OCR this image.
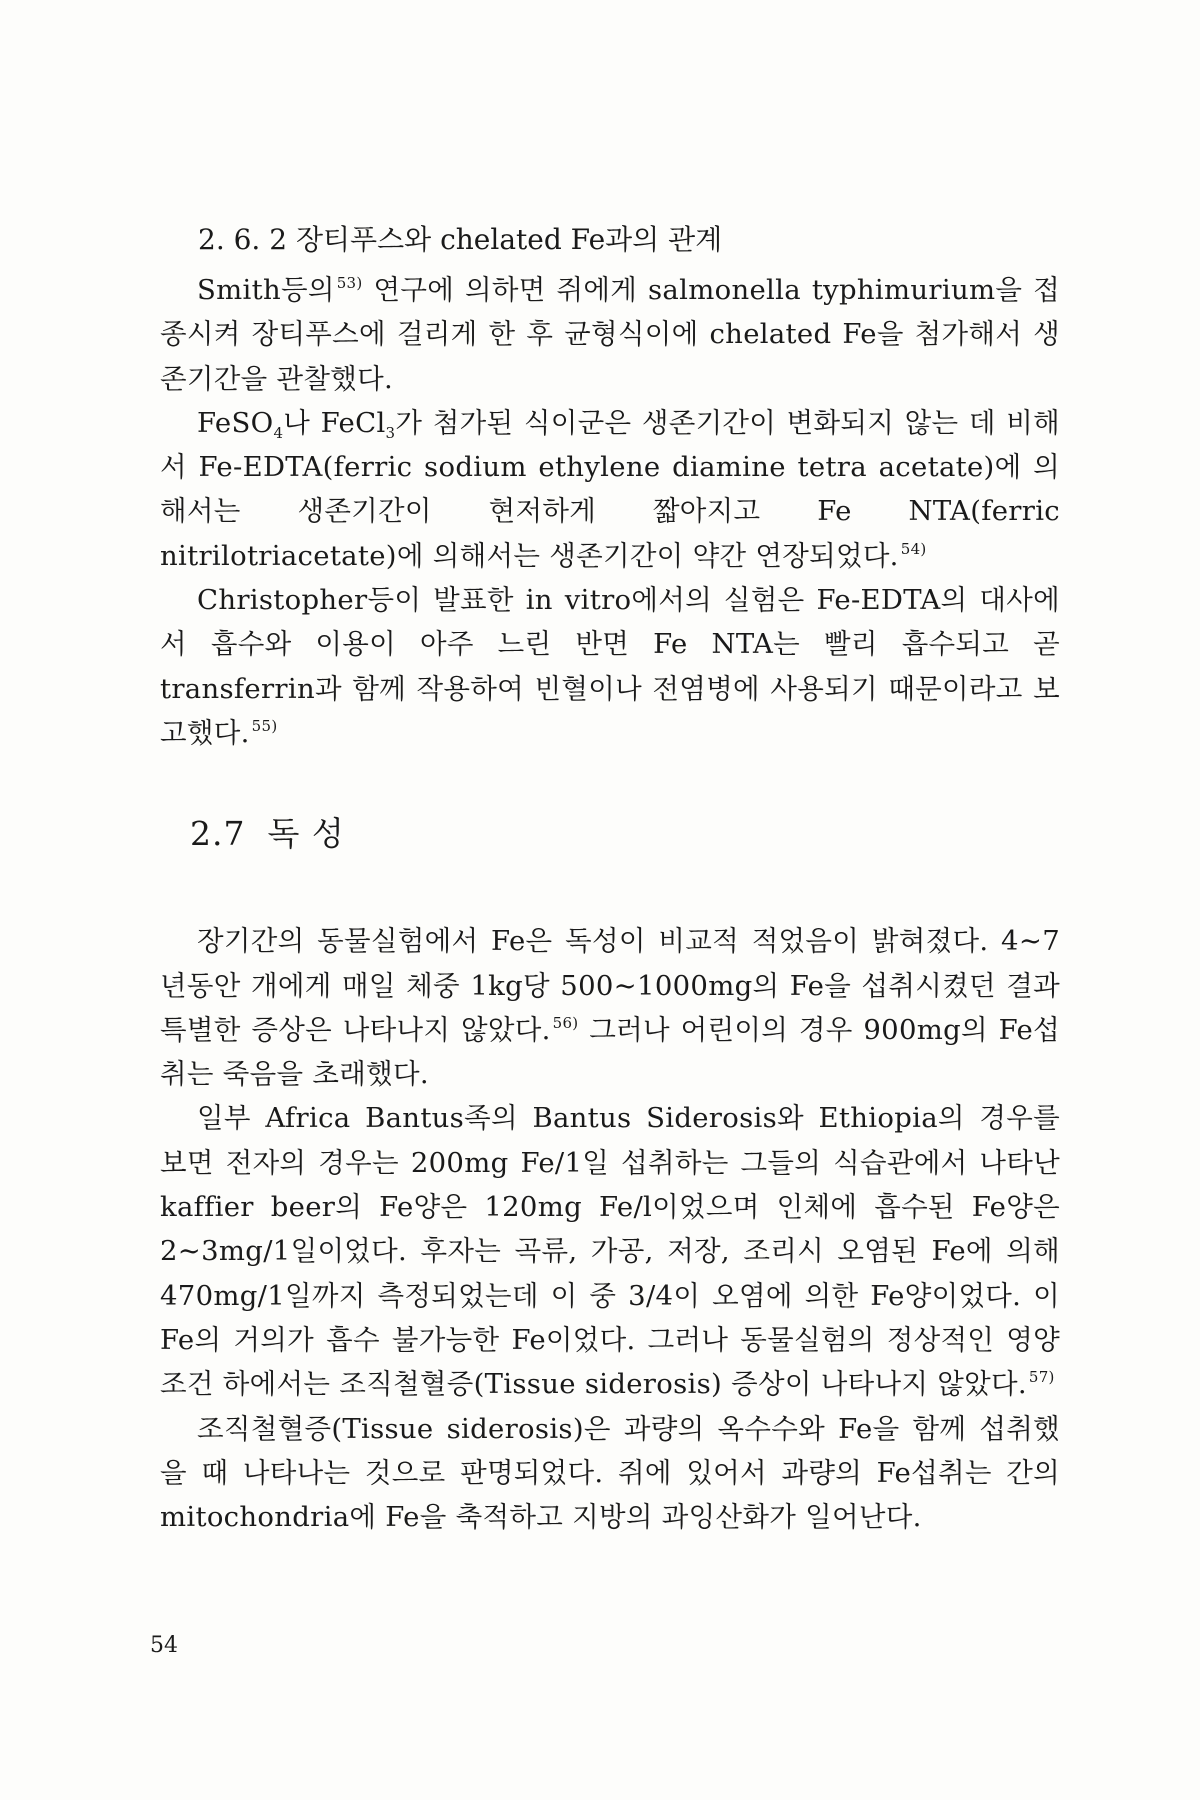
2. 6. 2 장티푸스와 chelated Fe과의 관계

Smith등의 $^{53)}$ 연구에 의하면 쥐에게 salmonella typhimurium을 접종시켜 장티푸스에 걸리게 한 후 균형식이에 chelated Fe을 첨가해서 생존기간을 관찰했다.

FeSO$_4$나 FeCl$_3$가 첨가된 식이군은 생존기간이 변화되지 않는 데 비해서 Fe-EDTA(ferric sodium ethylene diamine tetra acetate)에 의해서는 생존기간이 현저하게 짧아지고 Fe NTA(ferric nitrilotriacetate)에 의해서는 생존기간이 약간 연장되었다. $^{54)}$

Christopher등이 발표한 in vitro에서의 실험은 Fe-EDTA의 대사에서 흡수와 이용이 아주 느린 반면 Fe NTA는 빨리 흡수되고 곧 transferrin과 함께 작용하여 빈혈이나 전염병에 사용되기 때문이라고 보고했다. $^{55)}$

2.7 독 성

장기간의 동물실험에서 Fe은 독성이 비교적 적었음이 밝혀졌다. 4∼7년동안 개에게 매일 체중 1kg당 500∼1000mg의 Fe을 섭취시켰던 결과 특별한 증상은 나타나지 않았다. $^{56)}$ 그러나 어린이의 경우 900mg의 Fe섭취는 죽음을 초래했다.

일부 Africa Bantus족의 Bantus Siderosis와 Ethiopia의 경우를 보면 전자의 경우는 200mg Fe/1일 섭취하는 그들의 식습관에서 나타난 kaffier beer의 Fe양은 120mg Fe/l이었으며 인체에 흡수된 Fe양은 2∼3mg/1일이었다. 후자는 곡류, 가공, 저장, 조리시 오염된 Fe에 의해 470mg/1일까지 측정되었는데 이 중 3/4이 오염에 의한 Fe양이었다. 이 Fe의 거의가 흡수 불가능한 Fe이었다. 그러나 동물실험의 정상적인 영양 조건 하에서는 조직철혈증(Tissue siderosis) 증상이 나타나지 않았다. $^{57)}$

조직철혈증(Tissue siderosis)은 과량의 옥수수와 Fe을 함께 섭취했을 때 나타나는 것으로 판명되었다. 쥐에 있어서 과량의 Fe섭취는 간의 mitochondria에 Fe을 축적하고 지방의 과잉산화가 일어난다.

54
